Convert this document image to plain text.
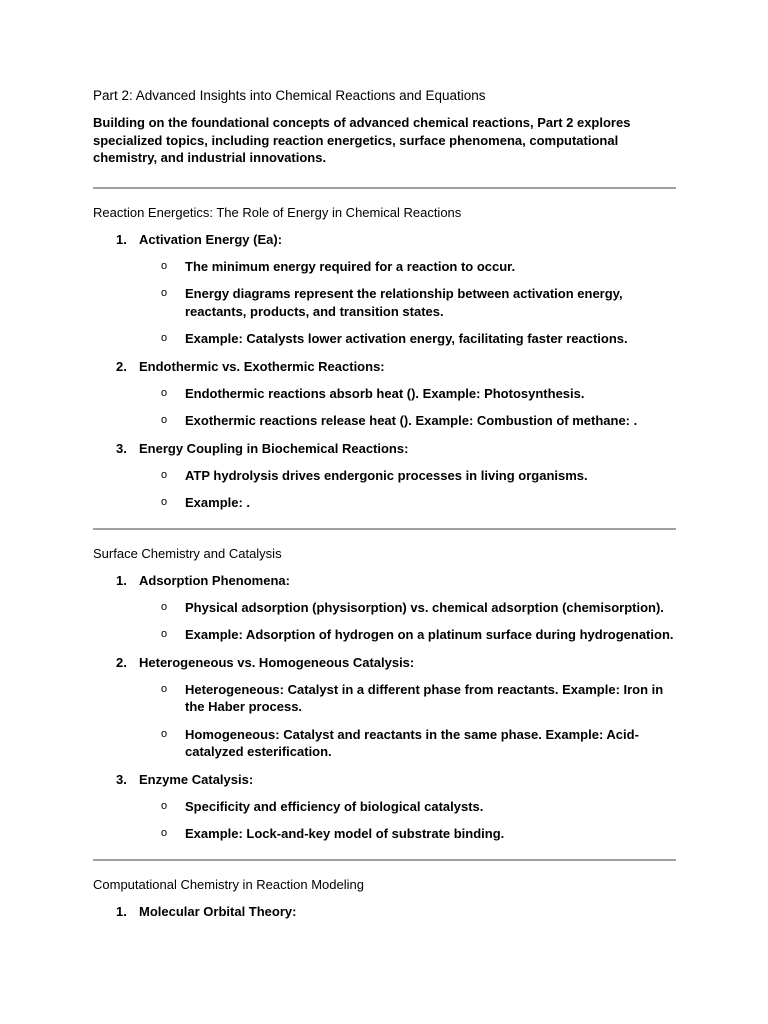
Part 2: Advanced Insights into Chemical Reactions and Equations
Building on the foundational concepts of advanced chemical reactions, Part 2 explores specialized topics, including reaction energetics, surface phenomena, computational chemistry, and industrial innovations.
Reaction Energetics: The Role of Energy in Chemical Reactions
1. Activation Energy (Ea):
o The minimum energy required for a reaction to occur.
o Energy diagrams represent the relationship between activation energy, reactants, products, and transition states.
o Example: Catalysts lower activation energy, facilitating faster reactions.
2. Endothermic vs. Exothermic Reactions:
o Endothermic reactions absorb heat (). Example: Photosynthesis.
o Exothermic reactions release heat (). Example: Combustion of methane: .
3. Energy Coupling in Biochemical Reactions:
o ATP hydrolysis drives endergonic processes in living organisms.
o Example: .
Surface Chemistry and Catalysis
1. Adsorption Phenomena:
o Physical adsorption (physisorption) vs. chemical adsorption (chemisorption).
o Example: Adsorption of hydrogen on a platinum surface during hydrogenation.
2. Heterogeneous vs. Homogeneous Catalysis:
o Heterogeneous: Catalyst in a different phase from reactants. Example: Iron in the Haber process.
o Homogeneous: Catalyst and reactants in the same phase. Example: Acid-catalyzed esterification.
3. Enzyme Catalysis:
o Specificity and efficiency of biological catalysts.
o Example: Lock-and-key model of substrate binding.
Computational Chemistry in Reaction Modeling
1. Molecular Orbital Theory:
